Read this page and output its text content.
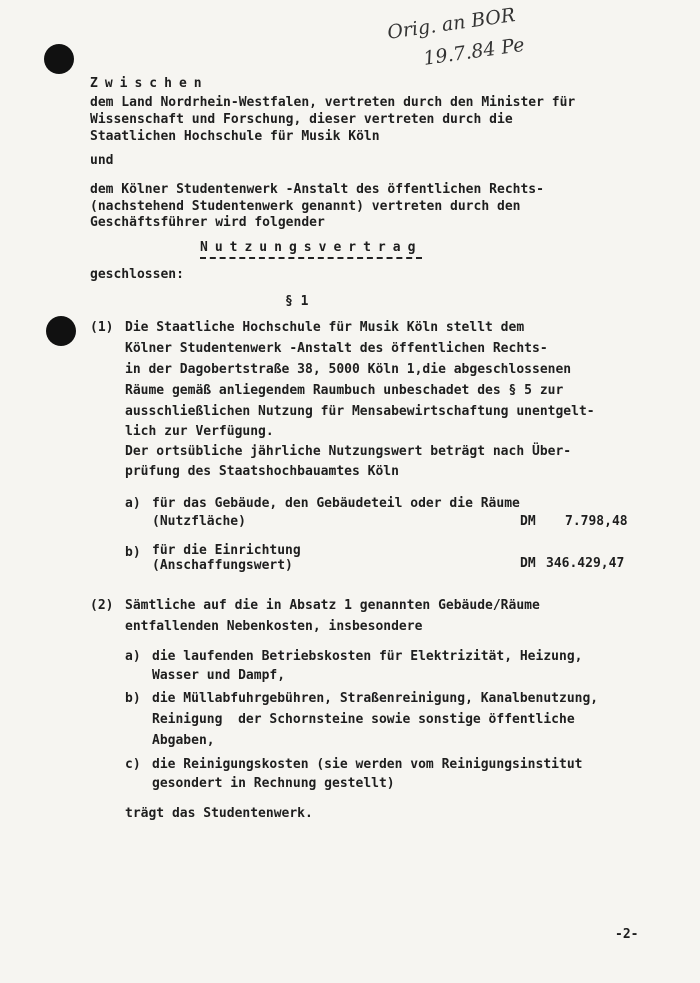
Orig. an BOR
19.7.84 Pe
Zwischen
dem Land Nordrhein-Westfalen, vertreten durch den Minister für
Wissenschaft und Forschung, dieser vertreten durch die
Staatlichen Hochschule für Musik Köln
und
dem Kölner Studentenwerk -Anstalt des öffentlichen Rechts-
(nachstehend Studentenwerk genannt) vertreten durch den
Geschäftsführer wird folgender
Nutzungsvertrag
geschlossen:
§ 1
(1) Die Staatliche Hochschule für Musik Köln stellt dem
Kölner Studentenwerk -Anstalt des öffentlichen Rechts-
in der Dagobertstraße 38, 5000 Köln 1,die abgeschlossenen
Räume gemäß anliegendem Raumbuch unbeschadet des § 5 zur
ausschließlichen Nutzung für Mensabewirtschaftung unentgelt-
lich zur Verfügung.
Der ortsübliche jährliche Nutzungswert beträgt nach Über-
prüfung des Staatshochbauamtes Köln
a) für das Gebäude, den Gebäudeteil oder die Räume
(Nutzfläche)	DM 7.798,48
b) für die Einrichtung
(Anschaffungswert)	DM 346.429,47
(2) Sämtliche auf die in Absatz 1 genannten Gebäude/Räume
entfallenden Nebenkosten, insbesondere
a) die laufenden Betriebskosten für Elektrizität, Heizung,
Wasser und Dampf,
b) die Müllabfuhrgebühren, Straßenreinigung, Kanalbenutzung,
Reinigung  der Schornsteine sowie sonstige öffentliche
Abgaben,
c) die Reinigungskosten (sie werden vom Reinigungsinstitut
gesondert in Rechnung gestellt)
trägt das Studentenwerk.
-2-
